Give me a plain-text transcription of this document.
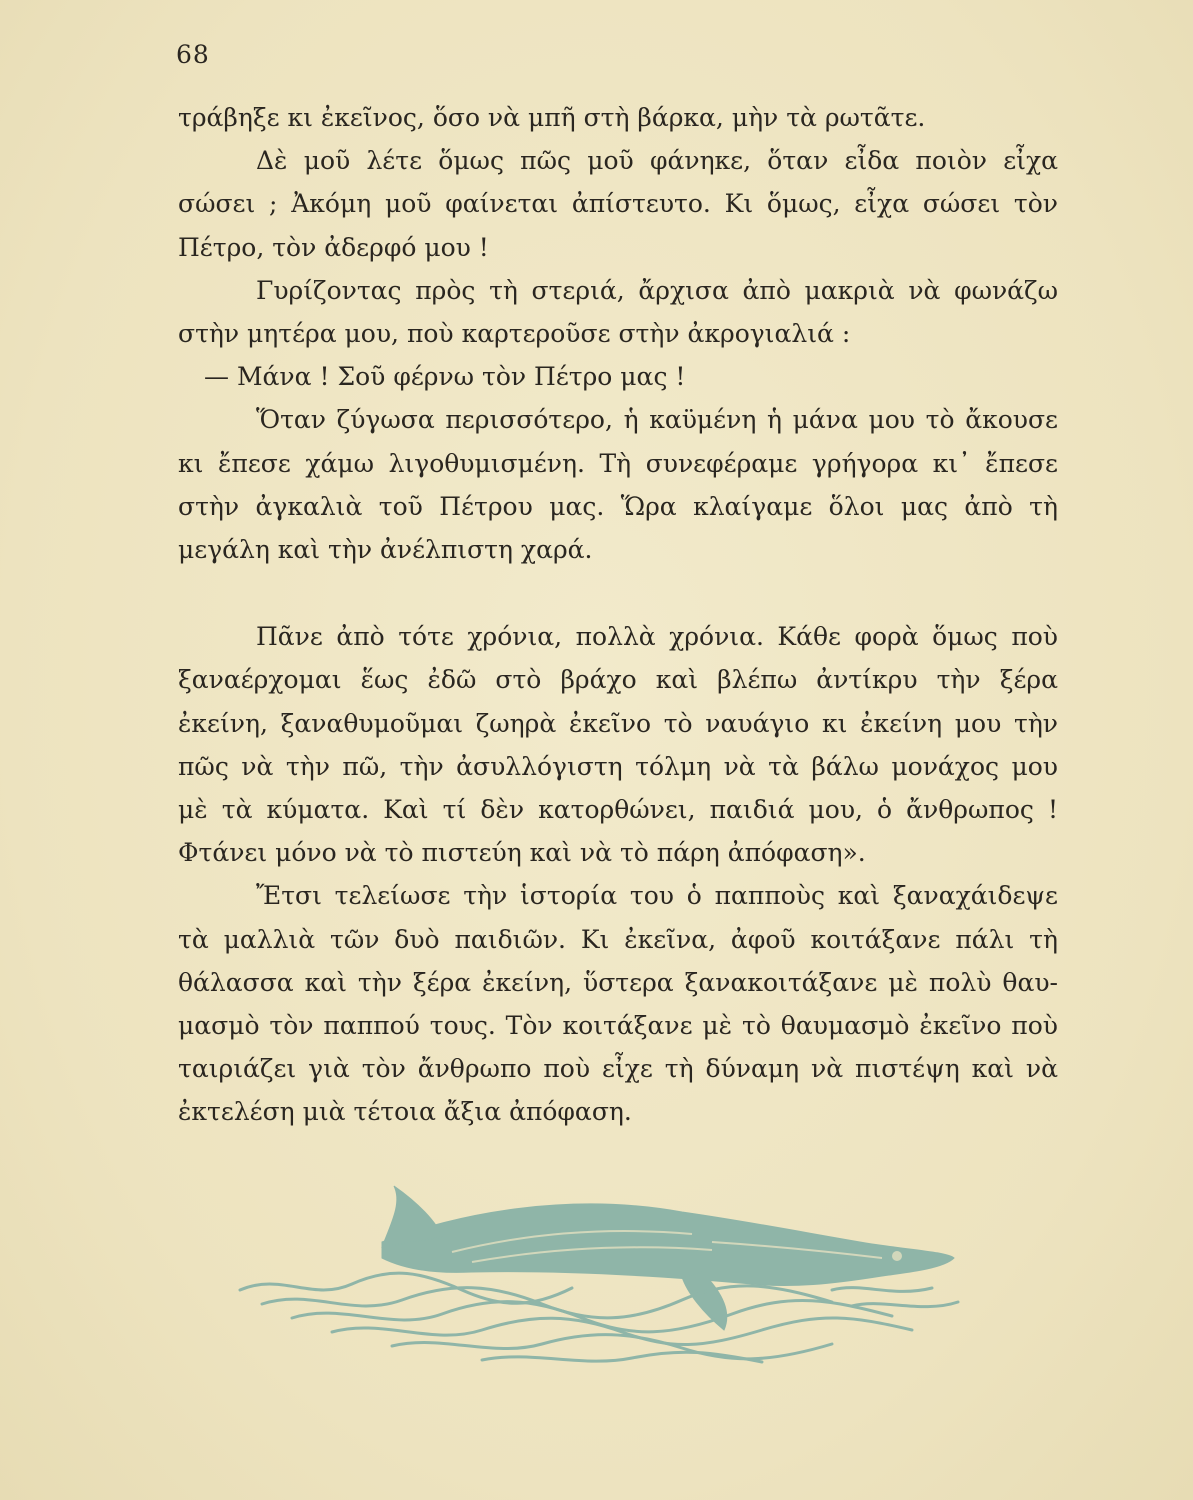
68
τράβηξε κι ἐκεῖνος, ὅσο νὰ μπῆ στὴ βάρκα, μὴν τὰ ρωτᾶτε.
Δὲ μοῦ λέτε ὅμως πῶς μοῦ φάνηκε, ὅταν εἶδα ποιὸν εἶχα
σώσει ; Ἀκόμη μοῦ φαίνεται ἀπίστευτο. Κι ὅμως, εἶχα σώσει τὸν
Πέτρο, τὸν ἀδερφό μου !
Γυρίζοντας πρὸς τὴ στεριά, ἄρχισα ἀπὸ μακριὰ νὰ φωνάζω
στὴν μητέρα μου, ποὺ καρτεροῦσε στὴν ἀκρογιαλιά :
— Μάνα ! Σοῦ φέρνω τὸν Πέτρο μας !
Ὅταν ζύγωσα περισσότερο, ἡ καϋμένη ἡ μάνα μου τὸ ἄκουσε
κι ἔπεσε χάμω λιγοθυμισμένη. Τὴ συνεφέραμε γρήγορα κι᾽ ἔπεσε
στὴν ἀγκαλιὰ τοῦ Πέτρου μας. Ὥρα κλαίγαμε ὅλοι μας ἀπὸ τὴ
μεγάλη καὶ τὴν ἀνέλπιστη χαρά.
Πᾶνε ἀπὸ τότε χρόνια, πολλὰ χρόνια. Κάθε φορὰ ὅμως ποὺ
ξαναέρχομαι ἕως ἐδῶ στὸ βράχο καὶ βλέπω ἀντίκρυ τὴν ξέρα
ἐκείνη, ξαναθυμοῦμαι ζωηρὰ ἐκεῖνο τὸ ναυάγιο κι ἐκείνη μου τὴν
πῶς νὰ τὴν πῶ, τὴν ἀσυλλόγιστη τόλμη νὰ τὰ βάλω μονάχος μου
μὲ τὰ κύματα. Καὶ τί δὲν κατορθώνει, παιδιά μου, ὁ ἄνθρωπος !
Φτάνει μόνο νὰ τὸ πιστεύη καὶ νὰ τὸ πάρη ἀπόφαση».
Ἔτσι τελείωσε τὴν ἱστορία του ὁ παπποὺς καὶ ξαναχάιδεψε
τὰ μαλλιὰ τῶν δυὸ παιδιῶν. Κι ἐκεῖνα, ἀφοῦ κοιτάξανε πάλι τὴ
θάλασσα καὶ τὴν ξέρα ἐκείνη, ὕστερα ξανακοιτάξανε μὲ πολὺ θαυ-
μασμὸ τὸν παππού τους. Τὸν κοιτάξανε μὲ τὸ θαυμασμὸ ἐκεῖνο ποὺ
ταιριάζει γιὰ τὸν ἄνθρωπο ποὺ εἶχε τὴ δύναμη νὰ πιστέψη καὶ νὰ
ἐκτελέση μιὰ τέτοια ἄξια ἀπόφαση.
